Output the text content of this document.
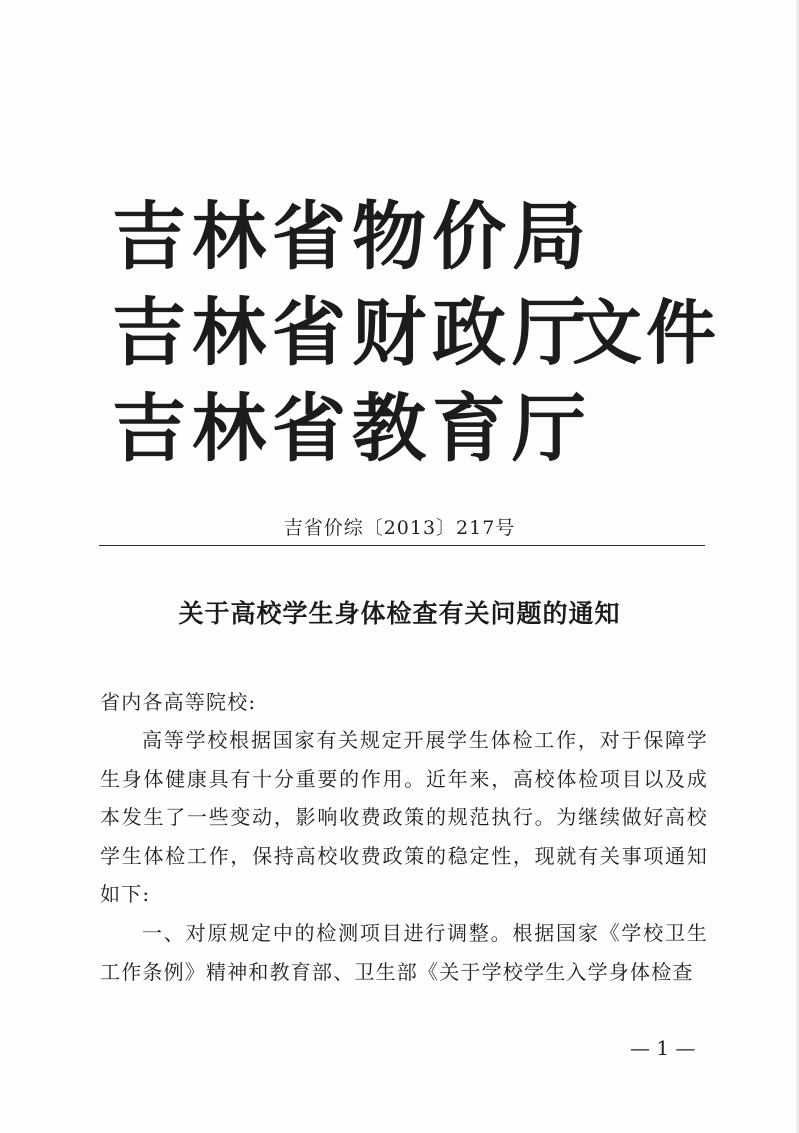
吉林省物价局
吉林省财政厅
吉林省教育厅
文件
吉省价综〔2013〕217号
关于高校学生身体检查有关问题的通知
省内各高等院校:
高等学校根据国家有关规定开展学生体检工作，对于保障学生身体健康具有十分重要的作用。近年来，高校体检项目以及成本发生了一些变动，影响收费政策的规范执行。为继续做好高校学生体检工作，保持高校收费政策的稳定性，现就有关事项通知如下:
一、对原规定中的检测项目进行调整。根据国家《学校卫生工作条例》精神和教育部、卫生部《关于学校学生入学身体检查
— 1 —
